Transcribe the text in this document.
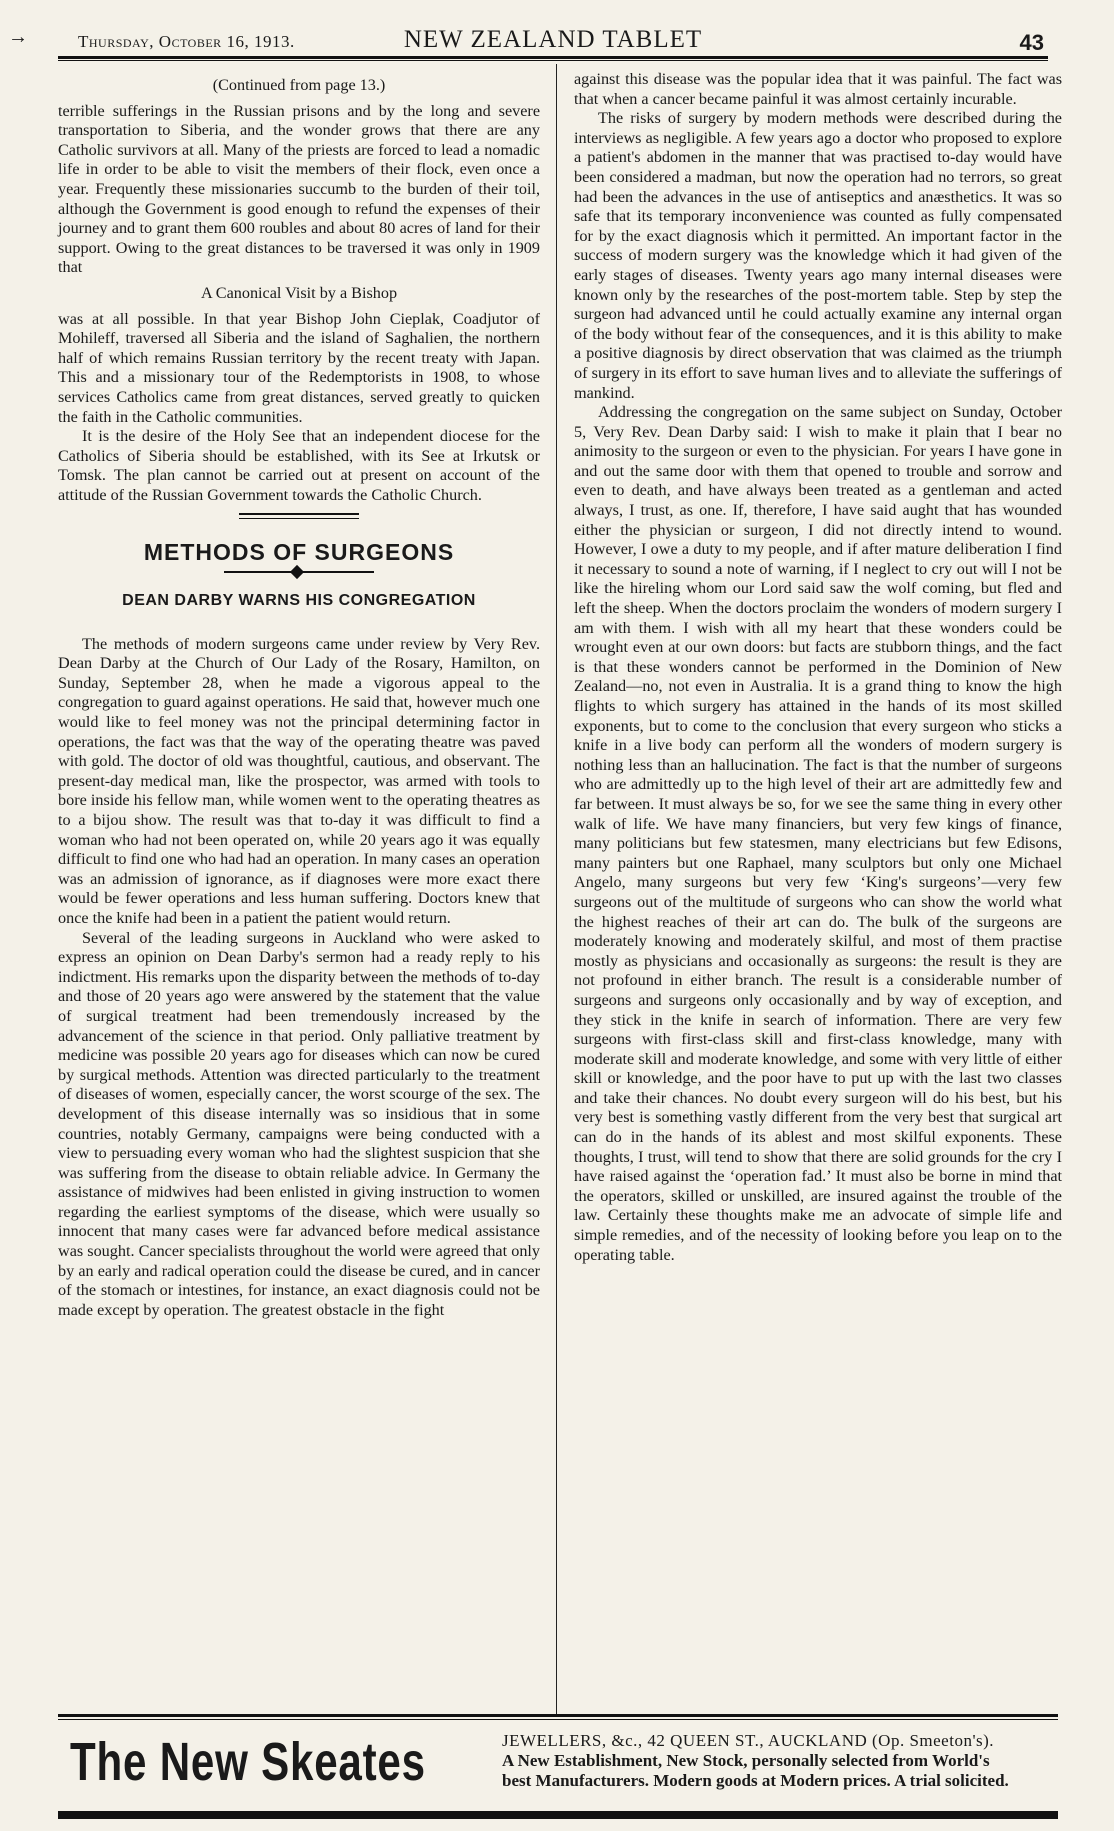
→	Thursday, October 16, 1913.	NEW ZEALAND TABLET	43

(Continued from page 13.)

terrible sufferings in the Russian prisons and by the long and severe transportation to Siberia, and the wonder grows that there are any Catholic survivors at all. Many of the priests are forced to lead a nomadic life in order to be able to visit the members of their flock, even once a year. Frequently these missionaries succumb to the burden of their toil, although the Government is good enough to refund the expenses of their journey and to grant them 600 roubles and about 80 acres of land for their support. Owing to the great distances to be traversed it was only in 1909 that

A Canonical Visit by a Bishop

was at all possible. In that year Bishop John Cieplak, Coadjutor of Mohileff, traversed all Siberia and the island of Saghalien, the northern half of which remains Russian territory by the recent treaty with Japan. This and a missionary tour of the Redemptorists in 1908, to whose services Catholics came from great distances, served greatly to quicken the faith in the Catholic communities.

It is the desire of the Holy See that an independent diocese for the Catholics of Siberia should be established, with its See at Irkutsk or Tomsk. The plan cannot be carried out at present on account of the attitude of the Russian Government towards the Catholic Church.

METHODS OF SURGEONS
DEAN DARBY WARNS HIS CONGREGATION

The methods of modern surgeons came under review by Very Rev. Dean Darby at the Church of Our Lady of the Rosary, Hamilton, on Sunday, September 28, when he made a vigorous appeal to the congregation to guard against operations. He said that, however much one would like to feel money was not the principal determining factor in operations, the fact was that the way of the operating theatre was paved with gold. The doctor of old was thoughtful, cautious, and observant. The present-day medical man, like the prospector, was armed with tools to bore inside his fellow man, while women went to the operating theatres as to a bijou show. The result was that to-day it was difficult to find a woman who had not been operated on, while 20 years ago it was equally difficult to find one who had had an operation. In many cases an operation was an admission of ignorance, as if diagnoses were more exact there would be fewer operations and less human suffering. Doctors knew that once the knife had been in a patient the patient would return.

Several of the leading surgeons in Auckland who were asked to express an opinion on Dean Darby's sermon had a ready reply to his indictment. His remarks upon the disparity between the methods of to-day and those of 20 years ago were answered by the statement that the value of surgical treatment had been tremendously increased by the advancement of the science in that period. Only palliative treatment by medicine was possible 20 years ago for diseases which can now be cured by surgical methods. Attention was directed particularly to the treatment of diseases of women, especially cancer, the worst scourge of the sex. The development of this disease internally was so insidious that in some countries, notably Germany, campaigns were being conducted with a view to persuading every woman who had the slightest suspicion that she was suffering from the disease to obtain reliable advice. In Germany the assistance of midwives had been enlisted in giving instruction to women regarding the earliest symptoms of the disease, which were usually so innocent that many cases were far advanced before medical assistance was sought. Cancer specialists throughout the world were agreed that only by an early and radical operation could the disease be cured, and in cancer of the stomach or intestines, for instance, an exact diagnosis could not be made except by operation. The greatest obstacle in the fight

against this disease was the popular idea that it was painful. The fact was that when a cancer became painful it was almost certainly incurable.

The risks of surgery by modern methods were described during the interviews as negligible. A few years ago a doctor who proposed to explore a patient's abdomen in the manner that was practised to-day would have been considered a madman, but now the operation had no terrors, so great had been the advances in the use of antiseptics and anæsthetics. It was so safe that its temporary inconvenience was counted as fully compensated for by the exact diagnosis which it permitted. An important factor in the success of modern surgery was the knowledge which it had given of the early stages of diseases. Twenty years ago many internal diseases were known only by the researches of the post-mortem table. Step by step the surgeon had advanced until he could actually examine any internal organ of the body without fear of the consequences, and it is this ability to make a positive diagnosis by direct observation that was claimed as the triumph of surgery in its effort to save human lives and to alleviate the sufferings of mankind.

Addressing the congregation on the same subject on Sunday, October 5, Very Rev. Dean Darby said: I wish to make it plain that I bear no animosity to the surgeon or even to the physician. For years I have gone in and out the same door with them that opened to trouble and sorrow and even to death, and have always been treated as a gentleman and acted always, I trust, as one. If, therefore, I have said aught that has wounded either the physician or surgeon, I did not directly intend to wound. However, I owe a duty to my people, and if after mature deliberation I find it necessary to sound a note of warning, if I neglect to cry out will I not be like the hireling whom our Lord said saw the wolf coming, but fled and left the sheep. When the doctors proclaim the wonders of modern surgery I am with them. I wish with all my heart that these wonders could be wrought even at our own doors: but facts are stubborn things, and the fact is that these wonders cannot be performed in the Dominion of New Zealand—no, not even in Australia. It is a grand thing to know the high flights to which surgery has attained in the hands of its most skilled exponents, but to come to the conclusion that every surgeon who sticks a knife in a live body can perform all the wonders of modern surgery is nothing less than an hallucination. The fact is that the number of surgeons who are admittedly up to the high level of their art are admittedly few and far between. It must always be so, for we see the same thing in every other walk of life. We have many financiers, but very few kings of finance, many politicians but few statesmen, many electricians but few Edisons, many painters but one Raphael, many sculptors but only one Michael Angelo, many surgeons but very few ‘King's surgeons’—very few surgeons out of the multitude of surgeons who can show the world what the highest reaches of their art can do. The bulk of the surgeons are moderately knowing and moderately skilful, and most of them practise mostly as physicians and occasionally as surgeons: the result is they are not profound in either branch. The result is a considerable number of surgeons and surgeons only occasionally and by way of exception, and they stick in the knife in search of information. There are very few surgeons with first-class skill and first-class knowledge, many with moderate skill and moderate knowledge, and some with very little of either skill or knowledge, and the poor have to put up with the last two classes and take their chances. No doubt every surgeon will do his best, but his very best is something vastly different from the very best that surgical art can do in the hands of its ablest and most skilful exponents. These thoughts, I trust, will tend to show that there are solid grounds for the cry I have raised against the ‘operation fad.’ It must also be borne in mind that the operators, skilled or unskilled, are insured against the trouble of the law. Certainly these thoughts make me an advocate of simple life and simple remedies, and of the necessity of looking before you leap on to the operating table.

The New Skeates	JEWELLERS, &c., 42 QUEEN ST., AUCKLAND (Op. Smeeton's).
A New Establishment, New Stock, personally selected from World's
best Manufacturers. Modern goods at Modern prices. A trial solicited.
